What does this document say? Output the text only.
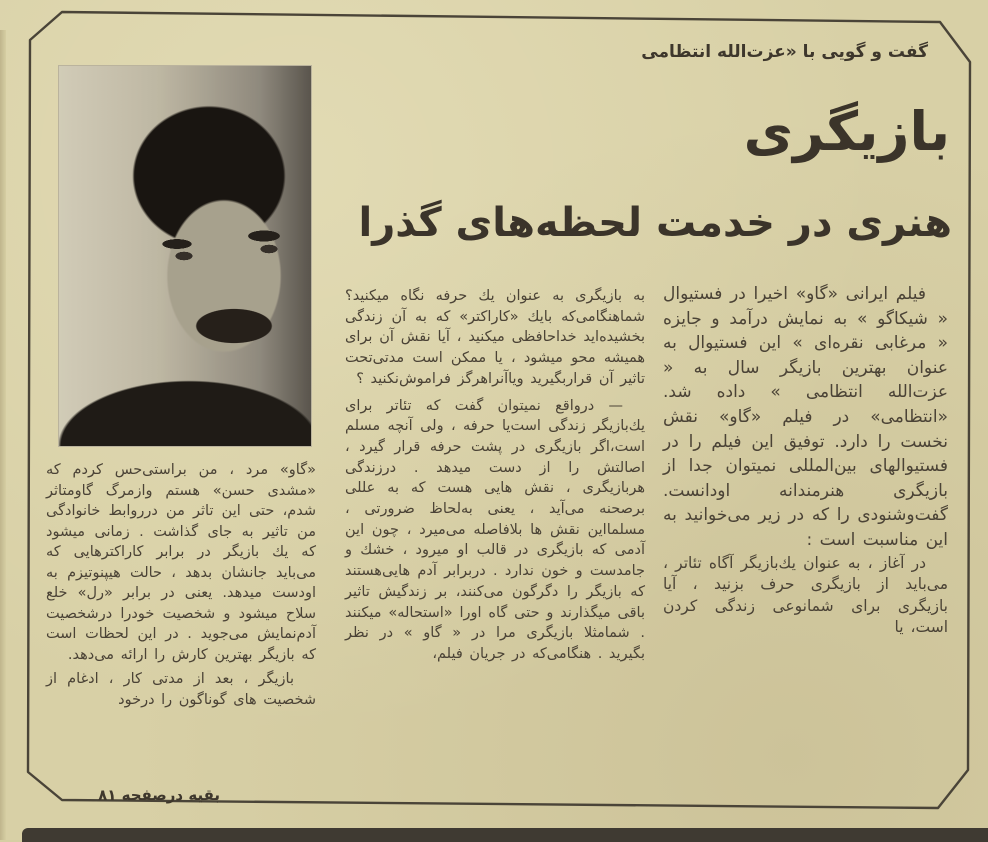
گفت و گویی با «عزت‌الله انتظامی
بازیگری
هنری در خدمت لحظه‌های گذرا

فیلم ایرانی «گاو» اخیرا در فستیوال « شیکاگو » به نمایش درآمد و جایزه « مرغابی نقره‌ای » این فستیوال به عنوان بهترین بازیگر سال به « عزت‌الله انتظامی » داده شد. «انتظامی» در فیلم «گاو» نقش نخست را دارد. توفیق این فیلم را در فستیوالهای بین‌المللی نمیتوان جدا از بازیگری هنرمندانه اودانست. گفت‌وشنودی را که در زیر می‌خوانید به این مناسبت است :

در آغاز ، به عنوان یك‌بازیگر آگاه تئاتر ، می‌باید از بازیگری حرف بزنید ، آیا بازیگری برای شمانوعی زندگی کردن است، یا

به بازیگری به عنوان یك حرفه نگاه میکنید؟ شماهنگامی‌که بایك «کاراکتر» که به آن زندگی بخشیده‌اید خداحافظی میکنید ، آیا نقش آن برای همیشه محو میشود ، یا ممکن است مدتی‌تحت تاثیر آن قراربگیرید ویاآنراهرگز فراموش‌نکنید ؟

— درواقع نمیتوان گفت که تئاتر برای یك‌بازیگر زندگی است‌یا حرفه ، ولی آنچه مسلم است،اگر بازیگری در پشت حرفه قرار گیرد ، اصالتش را از دست میدهد . درزندگی هربازیگری ، نقش هایی هست که به عللی برصحنه می‌آید ، یعنی به‌لحاظ ضرورتی ، مسلمااین نقش ها بلافاصله می‌میرد ، چون این آدمی که بازیگری در قالب او میرود ، خشك و جامدست و خون ندارد . دربرابر آدم هایی‌هستند که بازیگر را دگرگون می‌کنند، بر زندگیش تاثیر باقی میگذارند و حتی گاه اورا «استحاله» میکنند . شمامثلا بازیگری مرا در « گاو » در نظر بگیرید . هنگامی‌که در جریان فیلم،

«گاو» مرد ، من براستی‌حس کردم که «مشدی حسن» هستم وازمرگ گاومتاثر شدم، حتی این تاثر من درروابط خانوادگی من تاثیر به جای گذاشت . زمانی میشود که یك بازیگر در برابر کاراکترهایی که می‌باید جانشان بدهد ، حالت هیپنوتیزم به اودست میدهد. یعنی در برابر «رل» خلع سلاح میشود و شخصیت خودرا درشخصیت آدم‌نمایش می‌جوید . در این لحظات است که بازیگر بهترین کارش را ارائه می‌دهد.

بازیگر ، بعد از مدتی کار ، ادغام از شخصیت های گوناگون را درخود

بقیه درصفحه ۸۱
